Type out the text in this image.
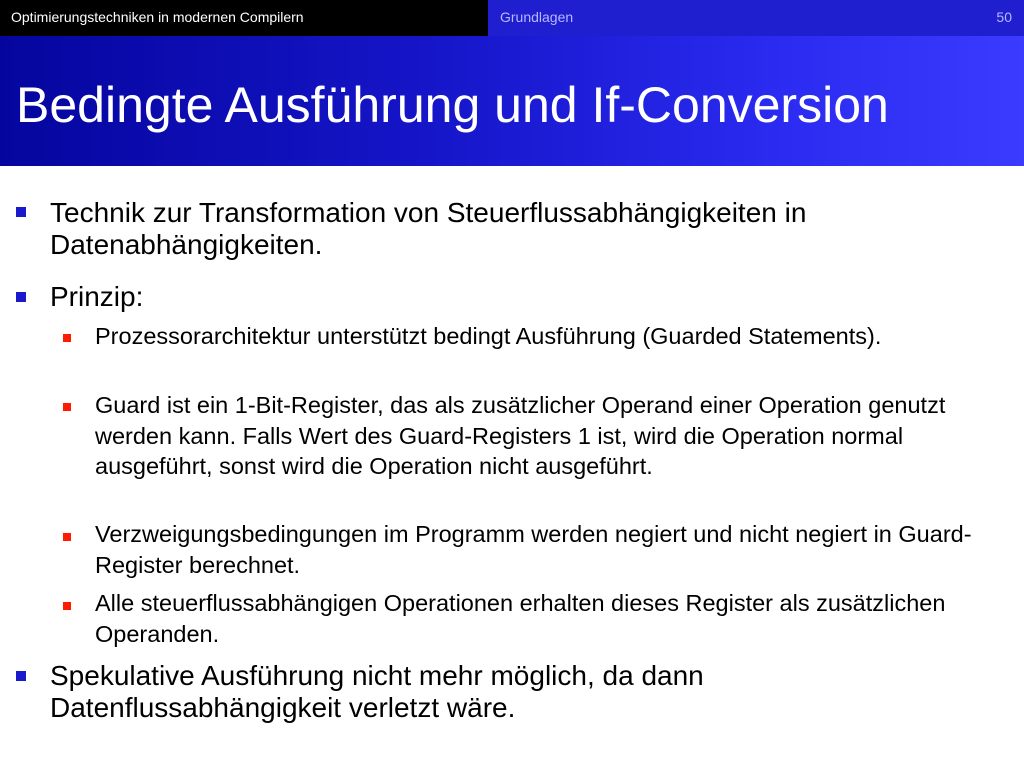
Optimierungstechniken in modernen Compilern	Grundlagen	50
Bedingte Ausführung und If-Conversion
Technik zur Transformation von Steuerflussabhängigkeiten in Datenabhängigkeiten.
Prinzip:
Prozessorarchitektur unterstützt bedingt Ausführung (Guarded Statements).
Guard ist ein 1-Bit-Register, das als zusätzlicher Operand einer Operation genutzt werden kann. Falls Wert des Guard-Registers 1 ist, wird die Operation normal ausgeführt, sonst wird die Operation nicht ausgeführt.
Verzweigungsbedingungen im Programm werden negiert und nicht negiert in Guard-Register berechnet.
Alle steuerflussabhängigen Operationen erhalten dieses Register als zusätzlichen Operanden.
Spekulative Ausführung nicht mehr möglich, da dann Datenflussabhängigkeit verletzt wäre.
